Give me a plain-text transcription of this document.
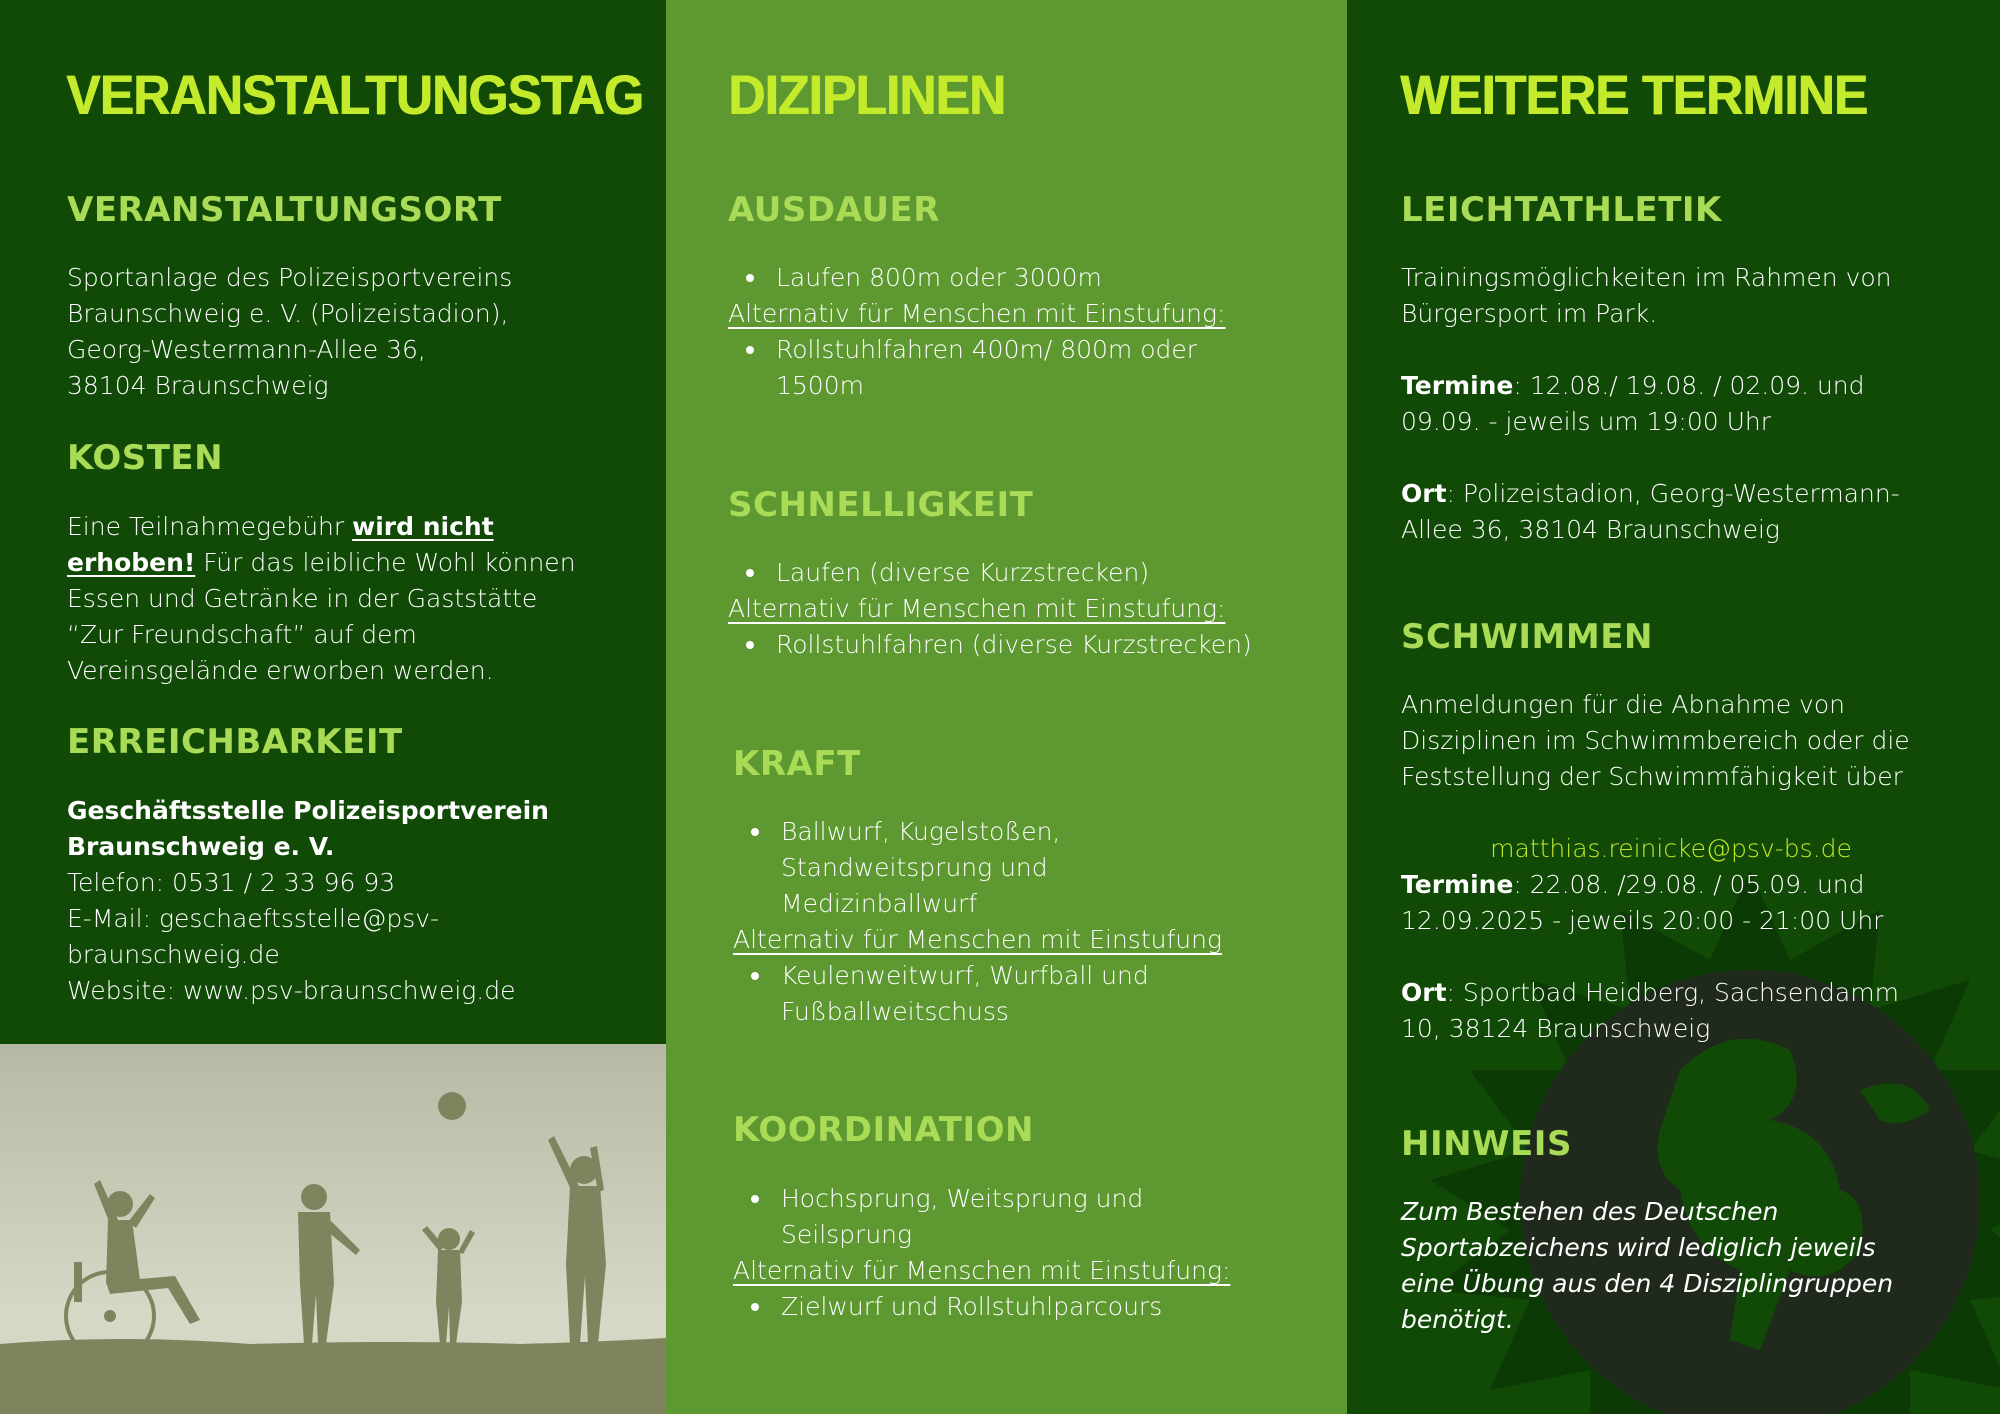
VERANSTALTUNGSTAG
VERANSTALTUNGSORT
Sportanlage des Polizeisportvereins
Braunschweig e. V. (Polizeistadion),
Georg-Westermann-Allee 36,
38104 Braunschweig
KOSTEN
Eine Teilnahmegebühr wird nicht
erhoben! Für das leibliche Wohl können
Essen und Getränke in der Gaststätte
“Zur Freundschaft” auf dem
Vereinsgelände erworben werden.
ERREICHBARKEIT
Geschäftsstelle Polizeisportverein
Braunschweig e. V.
Telefon: 0531 / 2 33 96 93
E-Mail: geschaeftsstelle@psv-
braunschweig.de
Website: www.psv-braunschweig.de
DIZIPLINEN
AUSDAUER
Laufen 800m oder 3000m
Alternativ für Menschen mit Einstufung:
Rollstuhlfahren 400m/ 800m oder
1500m
SCHNELLIGKEIT
Laufen (diverse Kurzstrecken)
Alternativ für Menschen mit Einstufung:
Rollstuhlfahren (diverse Kurzstrecken)
KRAFT
Ballwurf, Kugelstoßen,
Standweitsprung und
Medizinballwurf
Alternativ für Menschen mit Einstufung
Keulenweitwurf, Wurfball und
Fußballweitschuss
KOORDINATION
Hochsprung, Weitsprung und
Seilsprung
Alternativ für Menschen mit Einstufung:
Zielwurf und Rollstuhlparcours
WEITERE TERMINE
LEICHTATHLETIK
Trainingsmöglichkeiten im Rahmen von
Bürgersport im Park.
Termine: 12.08./ 19.08. / 02.09. und
09.09. - jeweils um 19:00 Uhr
Ort: Polizeistadion, Georg-Westermann-
Allee 36, 38104 Braunschweig
SCHWIMMEN
Anmeldungen für die Abnahme von
Disziplinen im Schwimmbereich oder die
Feststellung der Schwimmfähigkeit über
matthias.reinicke@psv-bs.de
Termine: 22.08. /29.08. / 05.09. und
12.09.2025 - jeweils 20:00 - 21:00 Uhr
Ort: Sportbad Heidberg, Sachsendamm
10, 38124 Braunschweig
HINWEIS
Zum Bestehen des Deutschen
Sportabzeichens wird lediglich jeweils
eine Übung aus den 4 Disziplingruppen
benötigt.
